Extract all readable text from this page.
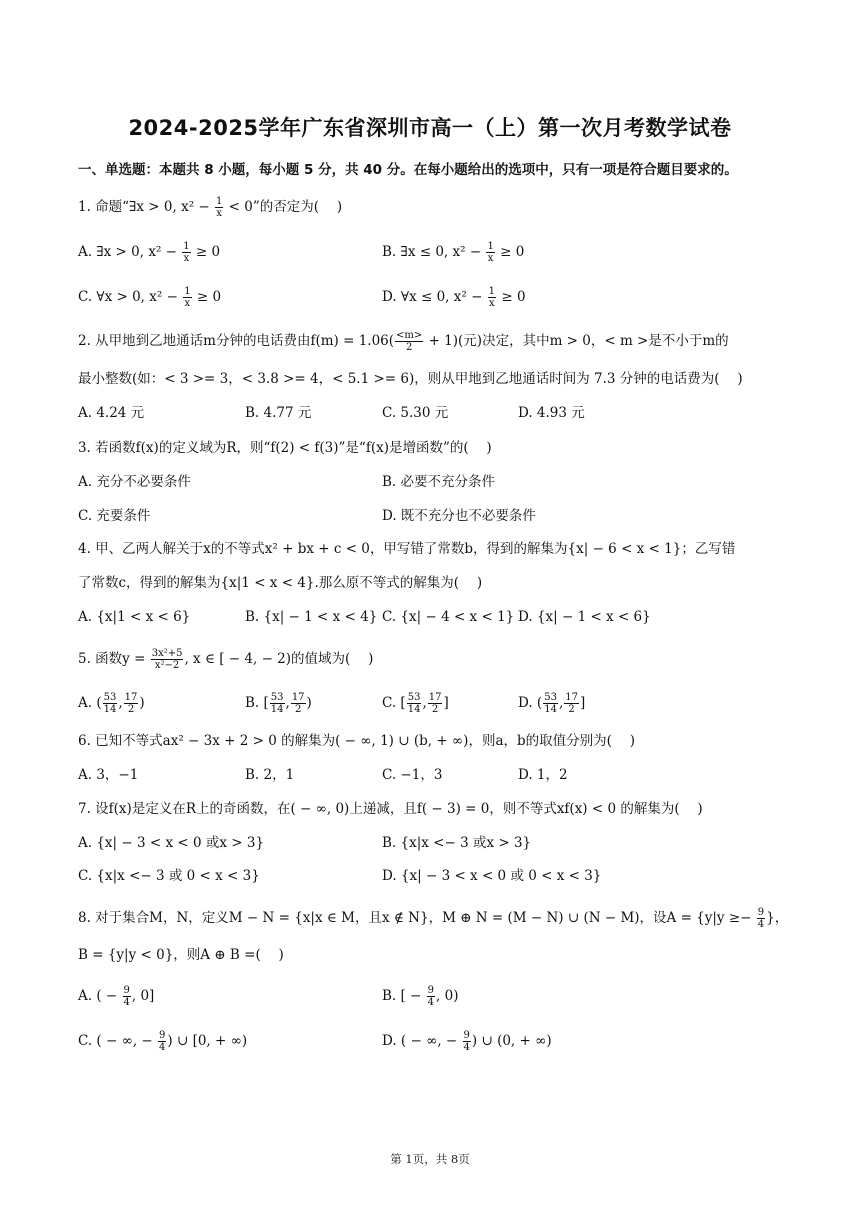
2024-2025学年广东省深圳市高一（上）第一次月考数学试卷
一、单选题：本题共 8 小题，每小题 5 分，共 40 分。在每小题给出的选项中，只有一项是符合题目要求的。
1. 命题“∃x > 0, $x^2 - \frac{1}{x} < 0$”的否定为(　 )
A. ∃x > 0, $x^2 - \frac{1}{x} \ge 0$	B. ∃x ≤ 0, $x^2 - \frac{1}{x} \ge 0$
C. ∀x > 0, $x^2 - \frac{1}{x} \ge 0$	D. ∀x ≤ 0, $x^2 - \frac{1}{x} \ge 0$
2. 从甲地到乙地通话m分钟的电话费由$f(m) = 1.06( \frac{<m>}{2} + 1)$(元)决定，其中m > 0，< m >是不小于m的
最小整数(如：< 3 >= 3，< 3.8 >= 4，< 5.1 >= 6)，则从甲地到乙地通话时间为 7.3 分钟的电话费为(　 )
A. 4.24 元	B. 4.77 元	C. 5.30 元	D. 4.93 元
3. 若函数f(x)的定义域为R，则“f(2) < f(3)”是“f(x)是增函数”的(　 )
A. 充分不必要条件	B. 必要不充分条件
C. 充要条件	D. 既不充分也不必要条件
4. 甲、乙两人解关于x的不等式x² + bx + c < 0，甲写错了常数b，得到的解集为{x| − 6 < x < 1}；乙写错
了常数c，得到的解集为{x|1 < x < 4}.那么原不等式的解集为(　 )
A. {x|1 < x < 6}	B. {x| − 1 < x < 4} C. {x| − 4 < x < 1} D. {x| − 1 < x < 6}
5. 函数$y = \frac{\text{3x²+5}}{\text{x²−2}}$ , x ∈ [ − 4, − 2)的值域为(　 )
A. ( $\frac{53}{14}$ , $\frac{17}{2}$ )	B. [ $\frac{53}{14}$ , $\frac{17}{2}$ )	C. [ $\frac{53}{14}$ , $\frac{17}{2}$ ]	D. ( $\frac{53}{14}$ , $\frac{17}{2}$ ]
6. 已知不等式ax² − 3x + 2 > 0 的解集为( − ∞, 1) ∪ (b, + ∞)，则a，b的取值分别为(　 )
A. 3，−1	B. 2，1	C. −1，3	D. 1，2
7. 设f(x)是定义在R上的奇函数，在( − ∞, 0)上递减，且f( − 3) = 0，则不等式xf(x) < 0 的解集为(　 )
A. {x| − 3 < x < 0 或x > 3}	B. {x|x <− 3 或x > 3}
C. {x|x <− 3 或 0 < x < 3}	D. {x| − 3 < x < 0 或 0 < x < 3}
8. 对于集合M，N，定义M − N = {x|x ∈ M，且x ∉ N}，M ⊕ N = (M − N) ∪ (N − M)，设$A = \{y|y \ge- \frac{9}{4}$ }，
B = {y|y < 0}，则A ⊕ B =(　 )
A. ( − $\frac{9}{4}$ , 0]	B. [ − $\frac{9}{4}$ , 0)
C. ( − ∞, − $\frac{9}{4}$ ) ∪ [0, + ∞)	D. ( − ∞, − $\frac{9}{4}$ ) ∪ (0, + ∞)
第 1页，共 8页
